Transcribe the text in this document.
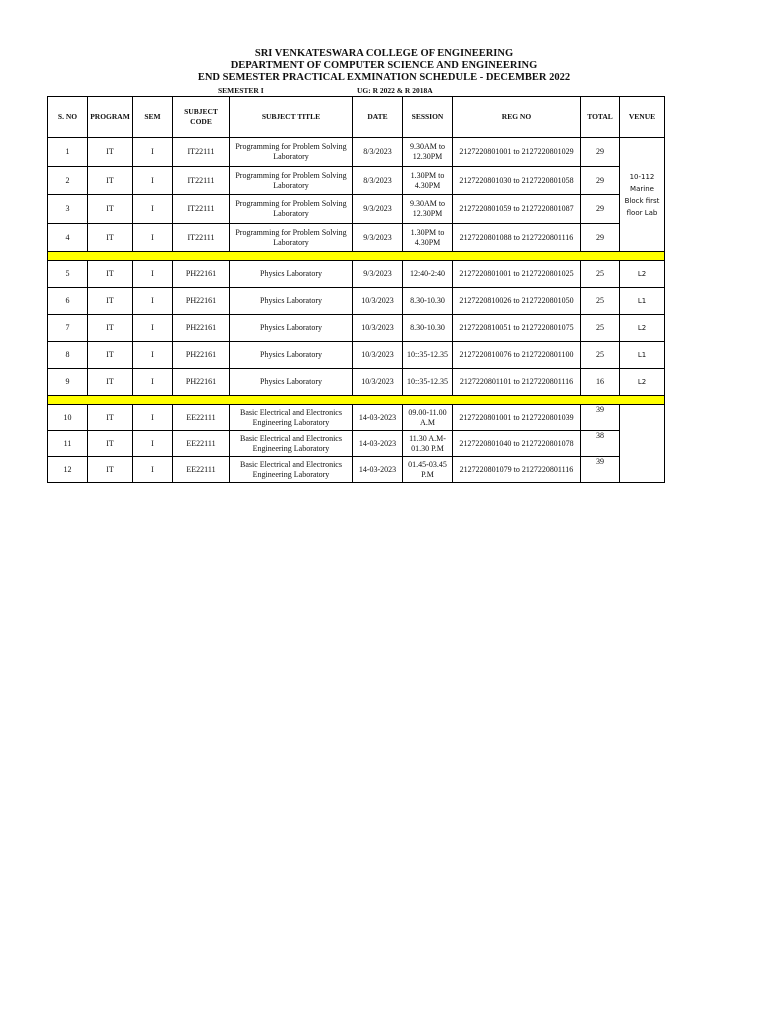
SRI VENKATESWARA COLLEGE OF ENGINEERING
DEPARTMENT OF COMPUTER SCIENCE AND ENGINEERING
END SEMESTER PRACTICAL EXMINATION SCHEDULE - DECEMBER 2022
SEMESTER I	UG: R 2022 & R 2018A
S. NO	PROGRAM	SEM	SUBJECT CODE	SUBJECT TITLE	DATE	SESSION	REG NO	TOTAL	VENUE
1	IT	I	IT22111	Programming for Problem Solving Laboratory	8/3/2023	9.30AM to 12.30PM	2127220801001 to 2127220801029	29	10-112 Marine Block first floor Lab
2	IT	I	IT22111	Programming for Problem Solving Laboratory	8/3/2023	1.30PM to 4.30PM	2127220801030 to 2127220801058	29	
3	IT	I	IT22111	Programming for Problem Solving Laboratory	9/3/2023	9.30AM to 12.30PM	2127220801059 to 2127220801087	29	
4	IT	I	IT22111	Programming for Problem Solving Laboratory	9/3/2023	1.30PM to 4.30PM	2127220801088 to 2127220801116	29	

5	IT	I	PH22161	Physics Laboratory	9/3/2023	12:40-2:40	2127220801001 to 2127220801025	25	L2
6	IT	I	PH22161	Physics Laboratory	10/3/2023	8.30-10.30	2127220810026 to 2127220801050	25	L1
7	IT	I	PH22161	Physics Laboratory	10/3/2023	8.30-10.30	2127220810051 to 2127220801075	25	L2
8	IT	I	PH22161	Physics Laboratory	10/3/2023	10::35-12.35	2127220810076 to 2127220801100	25	L1
9	IT	I	PH22161	Physics Laboratory	10/3/2023	10::35-12.35	2127220801101 to 2127220801116	16	L2

10	IT	I	EE22111	Basic Electrical and Electronics Engineering Laboratory	14-03-2023	09.00-11.00 A.M	2127220801001 to 2127220801039	39	
11	IT	I	EE22111	Basic Electrical and Electronics Engineering Laboratory	14-03-2023	11.30 A.M-01.30 P.M	2127220801040 to 2127220801078	38	
12	IT	I	EE22111	Basic Electrical and Electronics Engineering Laboratory	14-03-2023	01.45-03.45 P.M	2127220801079 to 2127220801116	39	
